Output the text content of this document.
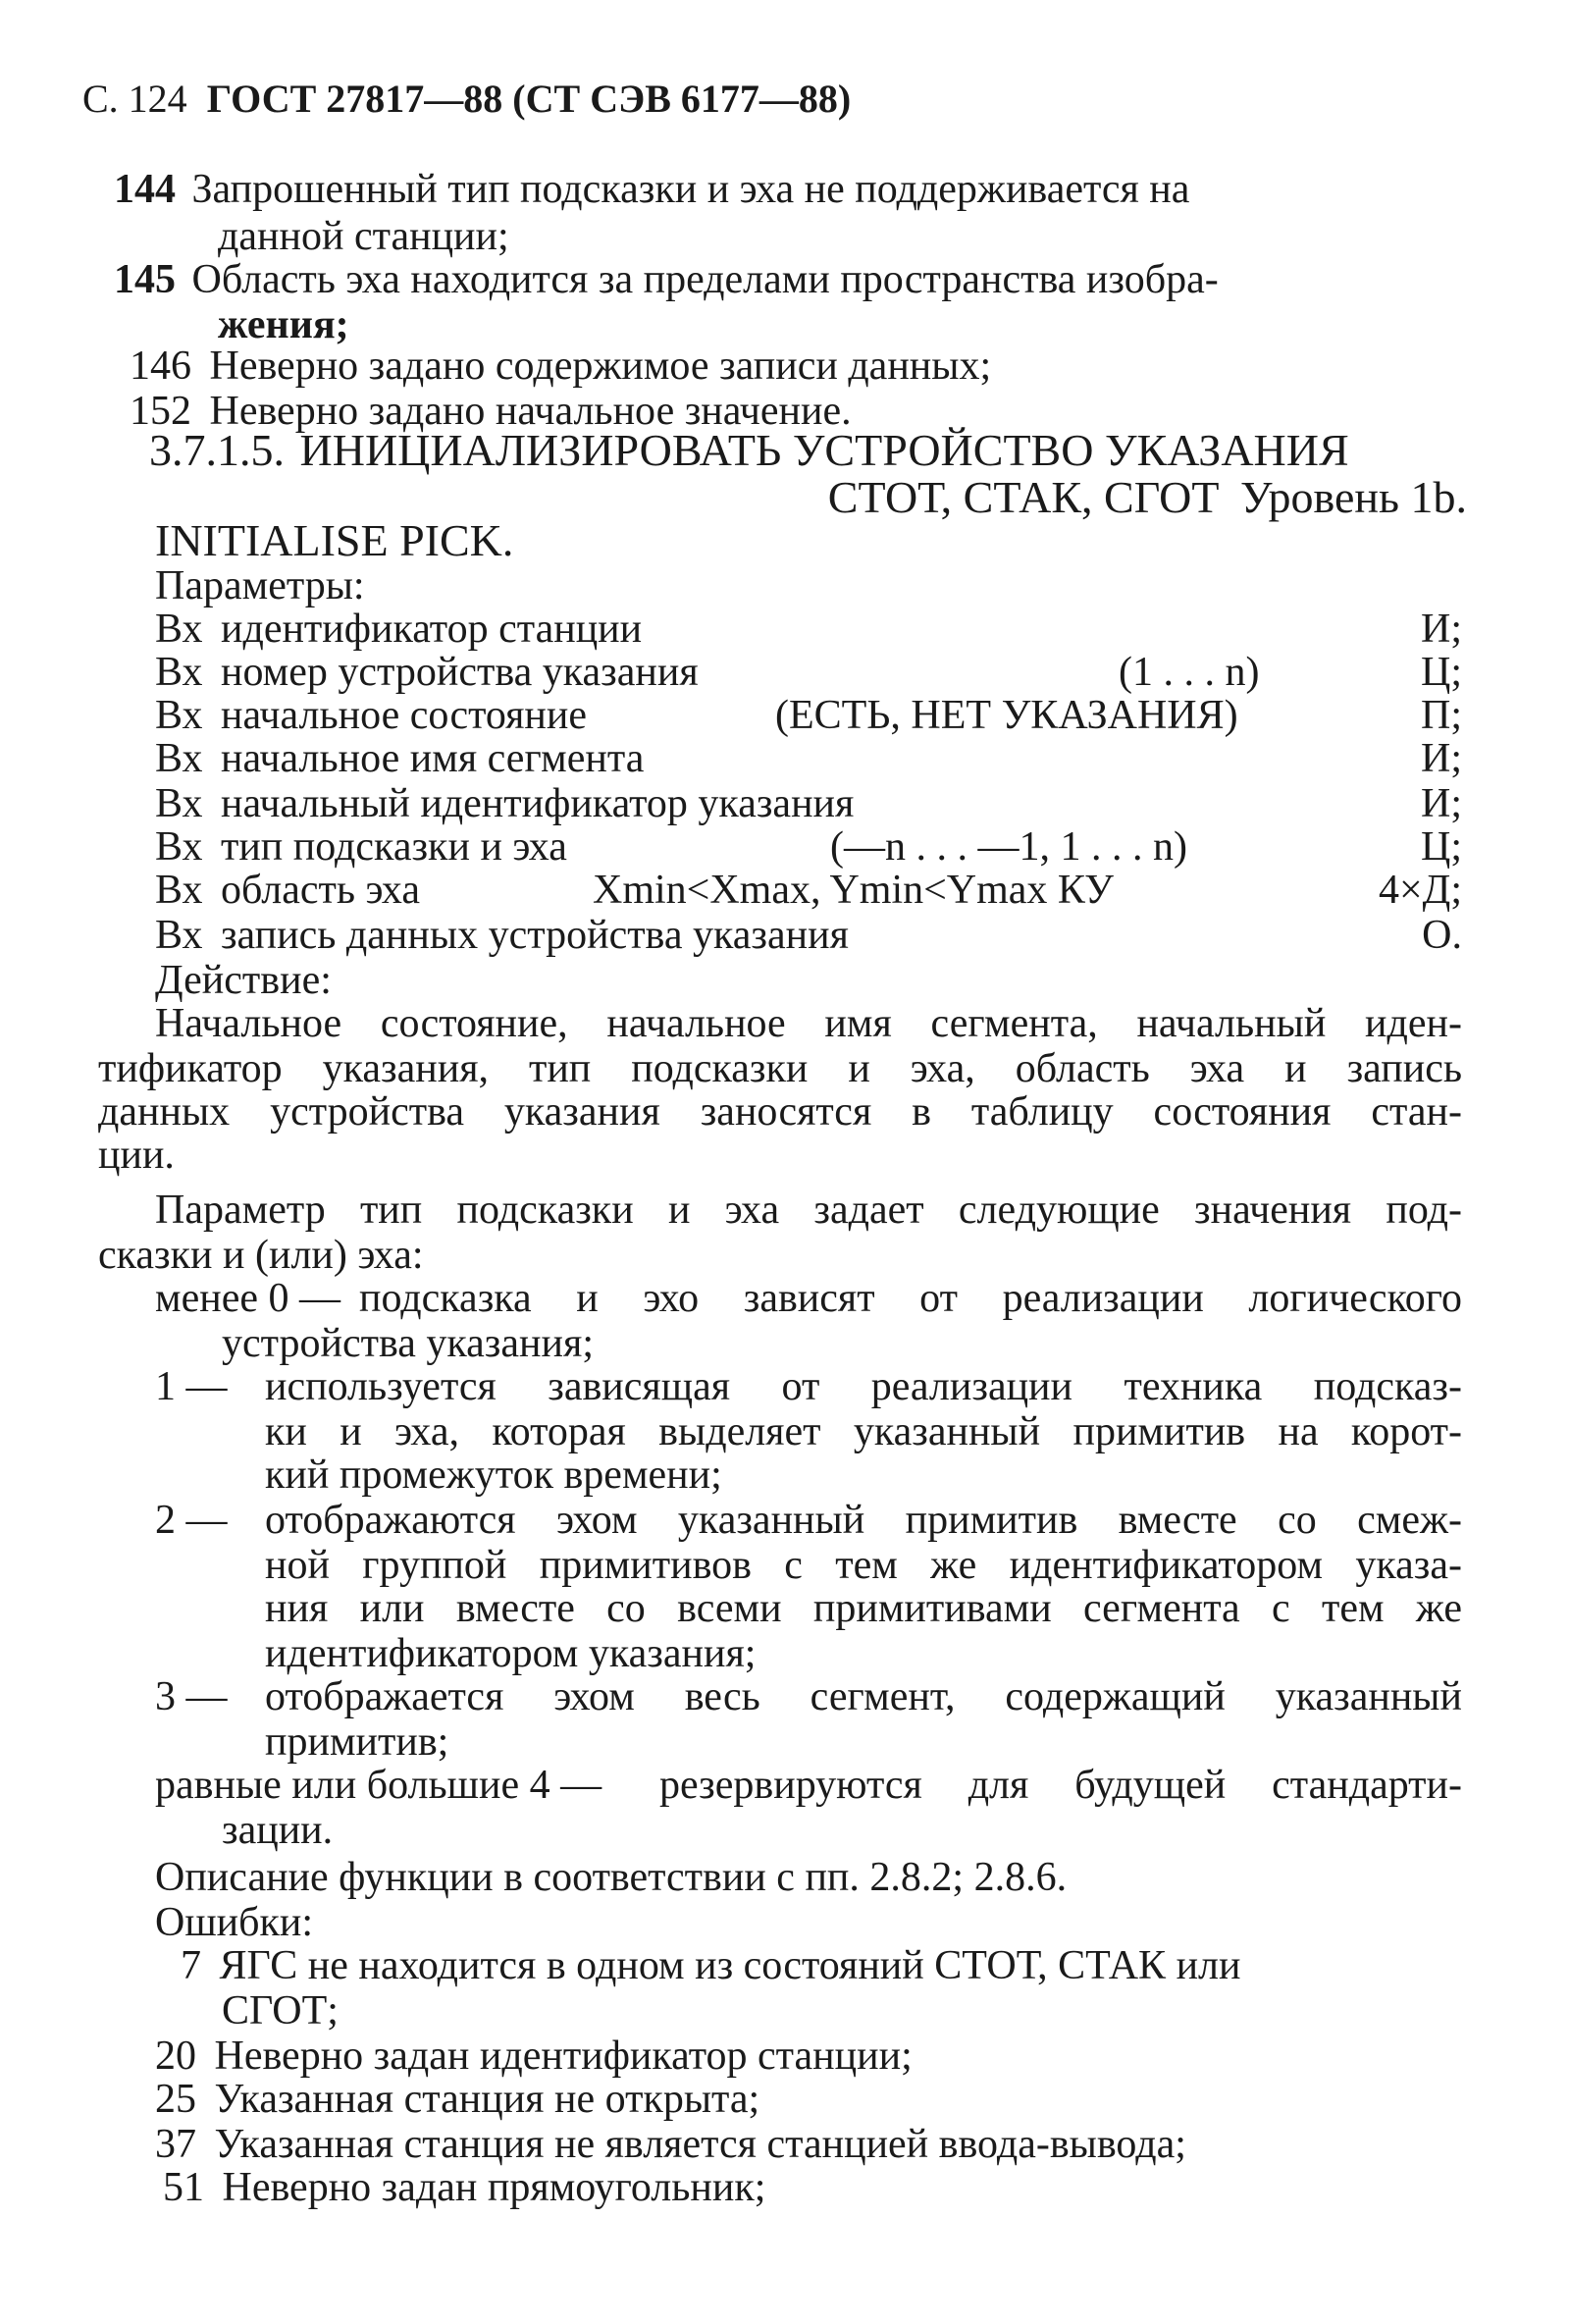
С. 124 ГОСТ 27817—88 (СТ СЭВ 6177—88)
144 Запрошенный тип подсказки и эха не поддерживается на
данной станции;
145 Область эха находится за пределами пространства изобра-
жения;
146 Неверно задано содержимое записи данных;
152 Неверно задано начальное значение.
3.7.1.5. ИНИЦИАЛИЗИРОВАТЬ УСТРОЙСТВО УКАЗАНИЯ
СТОТ, СТАК, СГОТ Уровень 1b.
INITIALISE PICK.
Параметры:
Вх идентификатор станции	И;
Вх номер устройства указания	(1 . . . n)	Ц;
Вх начальное состояние	(ЕСТЬ, НЕТ УКАЗАНИЯ)	П;
Вх начальное имя сегмента	И;
Вх начальный идентификатор указания	И;
Вх тип подсказки и эха	(—n . . . —1, 1 . . . n)	Ц;
Вх область эха	Xmin<Xmax, Ymin<Ymax КУ	4×Д;
Вх запись данных устройства указания	О.
Действие:
Начальное состояние, начальное имя сегмента, начальный иден-
тификатор указания, тип подсказки и эха, область эха и запись
данных устройства указания заносятся в таблицу состояния стан-
ции.
Параметр тип подсказки и эха задает следующие значения под-
сказки и (или) эха:
менее 0 — подсказка и эхо зависят от реализации логического
устройства указания;
1 — используется зависящая от реализации техника подсказ-
ки и эха, которая выделяет указанный примитив на корот-
кий промежуток времени;
2 — отображаются эхом указанный примитив вместе со смеж-
ной группой примитивов с тем же идентификатором указа-
ния или вместе со всеми примитивами сегмента с тем же
идентификатором указания;
3 — отображается эхом весь сегмент, содержащий указанный
примитив;
равные или большие 4 — резервируются для будущей стандарти-
зации.
Описание функции в соответствии с пп. 2.8.2; 2.8.6.
Ошибки:
7 ЯГС не находится в одном из состояний СТОТ, СТАК или
СГОТ;
20 Неверно задан идентификатор станции;
25 Указанная станция не открыта;
37 Указанная станция не является станцией ввода-вывода;
51 Неверно задан прямоугольник;
